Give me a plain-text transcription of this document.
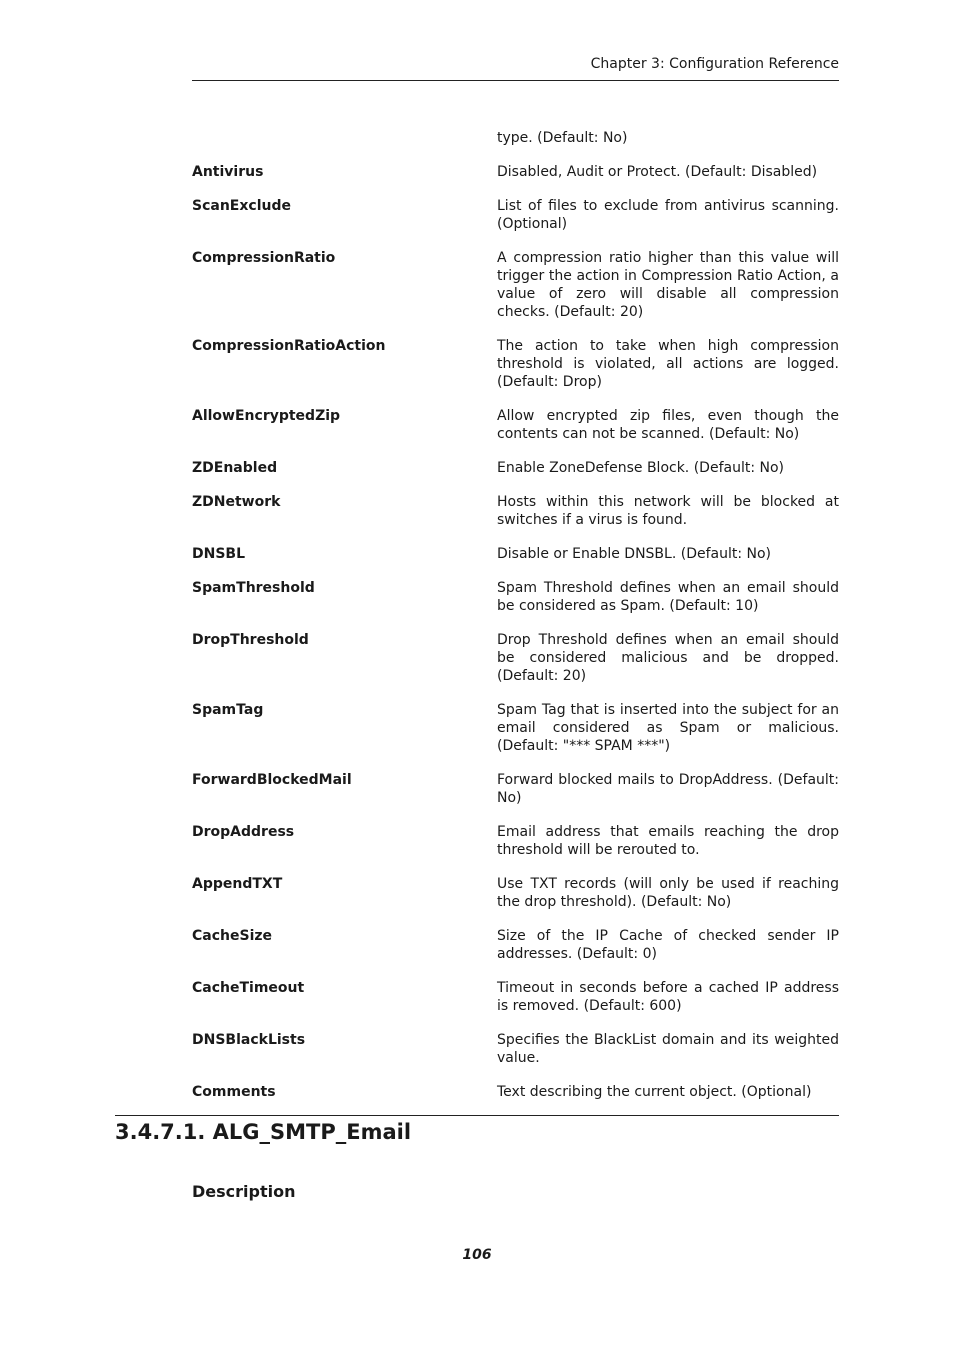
Chapter 3: Configuration Reference
type. (Default: No)
Antivirus	Disabled, Audit or Protect. (Default: Disabled)
ScanExclude	List of files to exclude from antivirus scanning. (Optional)
CompressionRatio	A compression ratio higher than this value will trigger the action in Compression Ratio Action, a value of zero will disable all compression checks. (Default: 20)
CompressionRatioAction	The action to take when high compression threshold is violated, all actions are logged. (Default: Drop)
AllowEncryptedZip	Allow encrypted zip files, even though the contents can not be scanned. (Default: No)
ZDEnabled	Enable ZoneDefense Block. (Default: No)
ZDNetwork	Hosts within this network will be blocked at switches if a virus is found.
DNSBL	Disable or Enable DNSBL. (Default: No)
SpamThreshold	Spam Threshold defines when an email should be considered as Spam. (Default: 10)
DropThreshold	Drop Threshold defines when an email should be considered malicious and be dropped. (Default: 20)
SpamTag	Spam Tag that is inserted into the subject for an email considered as Spam or malicious. (Default: "*** SPAM ***")
ForwardBlockedMail	Forward blocked mails to DropAddress. (Default: No)
DropAddress	Email address that emails reaching the drop threshold will be rerouted to.
AppendTXT	Use TXT records (will only be used if reaching the drop threshold). (Default: No)
CacheSize	Size of the IP Cache of checked sender IP addresses. (Default: 0)
CacheTimeout	Timeout in seconds before a cached IP address is removed. (Default: 600)
DNSBlackLists	Specifies the BlackList domain and its weighted value.
Comments	Text describing the current object. (Optional)
3.4.7.1. ALG_SMTP_Email
Description
106
